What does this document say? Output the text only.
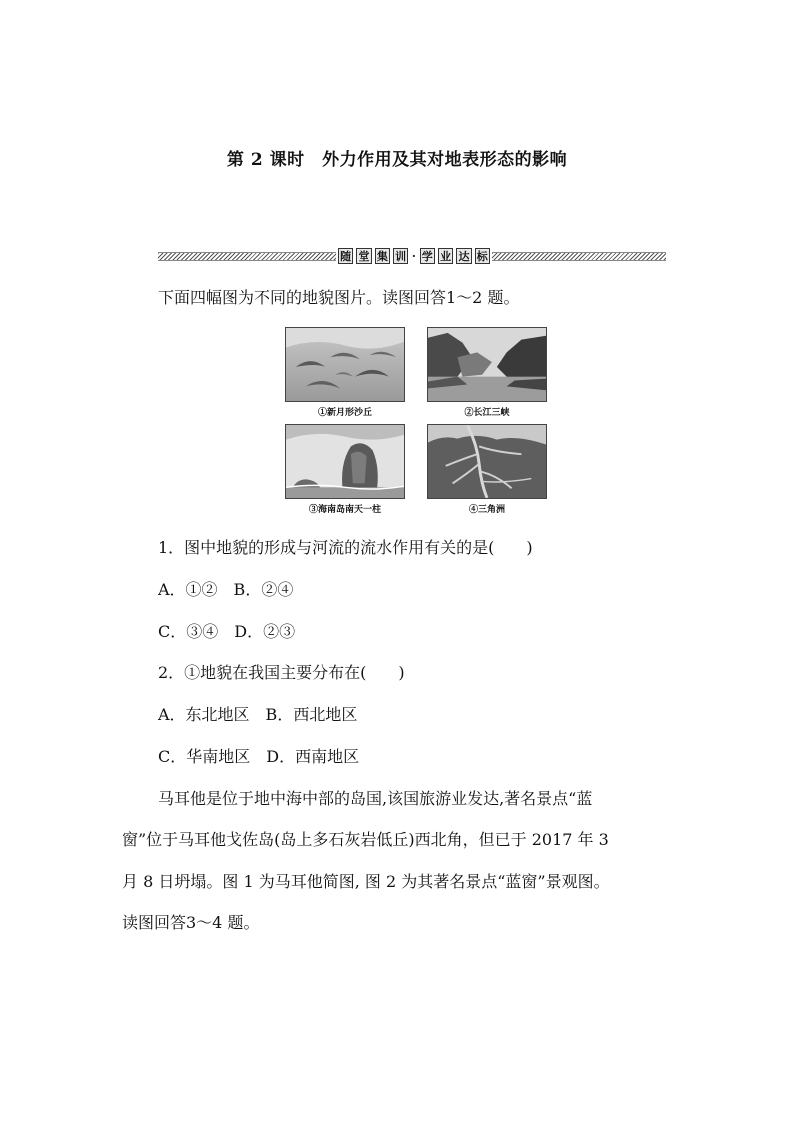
第 2 课时　外力作用及其对地表形态的影响
随 堂 集 训 · 学 业 达 标
下面四幅图为不同的地貌图片。读图回答1～2 题。
①新月形沙丘	②长江三峡
③海南岛南天一柱	④三角洲
1．图中地貌的形成与河流的流水作用有关的是(　　)
A．①②　B．②④
C．③④　D．②③
2．①地貌在我国主要分布在(　　)
A．东北地区　B．西北地区
C．华南地区　D．西南地区
马耳他是位于地中海中部的岛国,该国旅游业发达,著名景点“蓝
窗”位于马耳他戈佐岛(岛上多石灰岩低丘)西北角，但已于 2017 年 3
月 8 日坍塌。图 1 为马耳他简图, 图 2 为其著名景点“蓝窗”景观图。
读图回答3～4 题。
